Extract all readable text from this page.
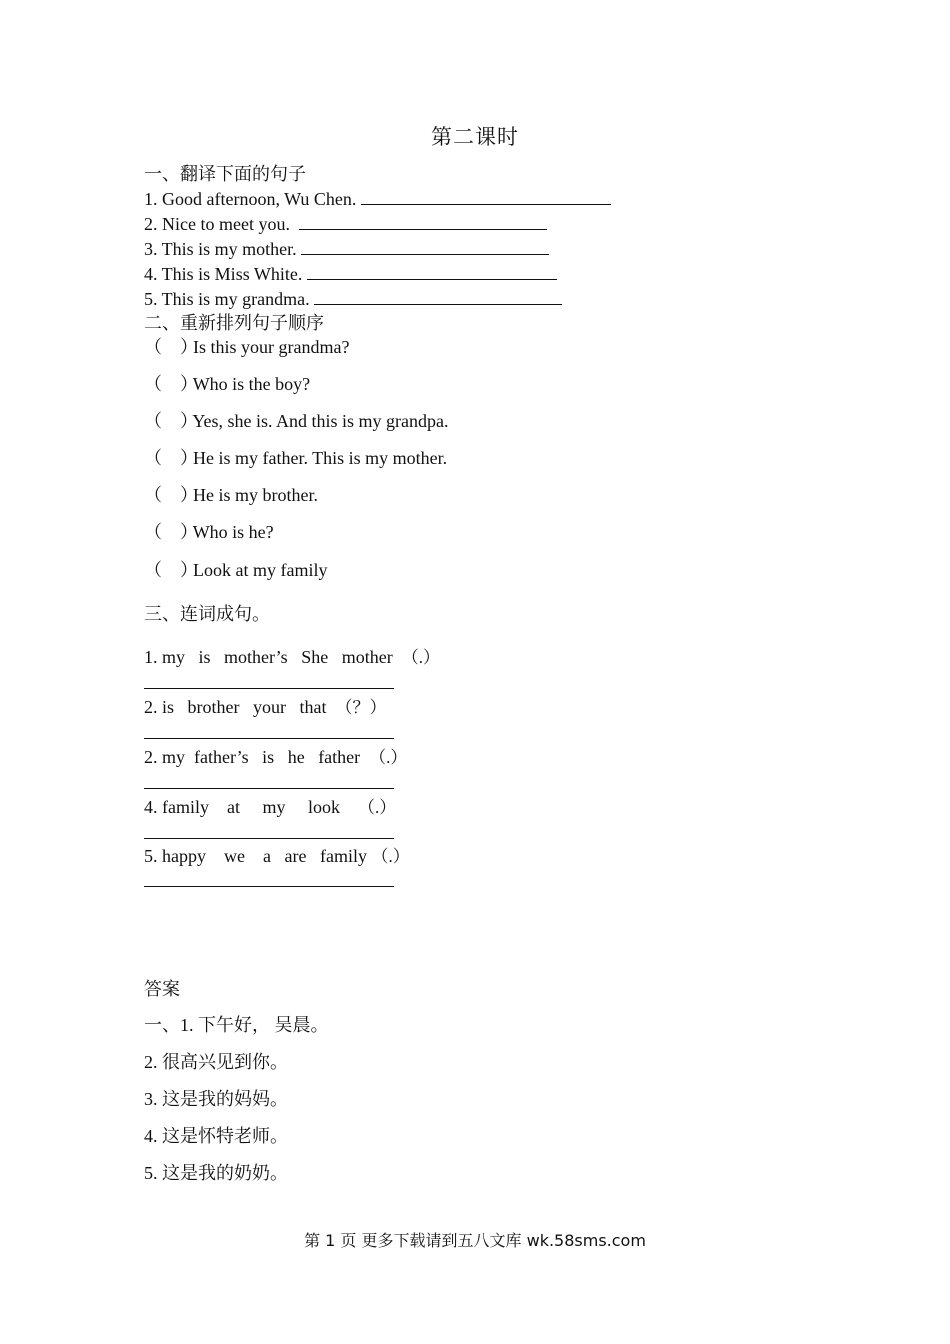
第二课时
一、翻译下面的句子
1. Good afternoon, Wu Chen.
2. Nice to meet you.
3. This is my mother.
4. This is Miss White.
5. This is my grandma.
二、重新排列句子顺序
（　）  Is this your grandma?
（　）  Who is the boy?
（　）  Yes, she is. And this is my grandpa.
（　）  He is my father. This is my mother.
（　）  He is my brother.
（　）  Who is he?
（　）  Look at my family
三、连词成句。
1. my is mother’s She mother （.）
2. is brother your that （？）
2. my father’s is he father （.）
4. family at my look （.）
5. happy we a are family （.）
答案
一、1. 下午好， 吴晨。
2. 很高兴见到你。
3. 这是我的妈妈。
4. 这是怀特老师。
5. 这是我的奶奶。
第 1 页 更多下载请到五八文库 wk.58sms.com
